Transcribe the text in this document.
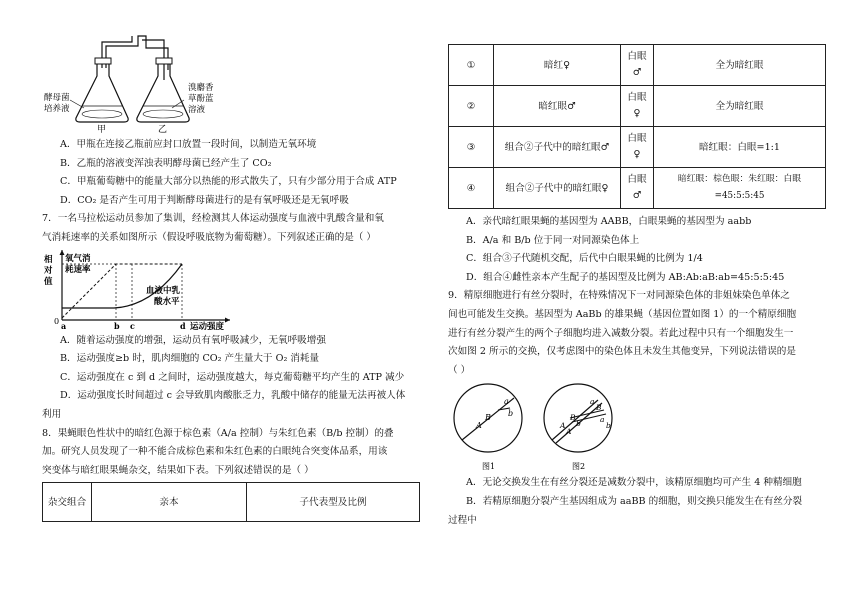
酵母菌
培养液
溴麝香
草酚蓝
溶液
甲	乙

A．甲瓶在连接乙瓶前应封口放置一段时间，以制造无氧环境

B．乙瓶的溶液变浑浊表明酵母菌已经产生了 CO₂

C．甲瓶葡萄糖中的能量大部分以热能的形式散失了，只有少部分用于合成 ATP

D．CO₂ 是否产生可用于判断酵母菌进行的是有氧呼吸还是无氧呼吸

7．一名马拉松运动员参加了集训，经检测其人体运动强度与血液中乳酸含量和氧

气消耗速率的关系如图所示（假设呼吸底物为葡萄糖）。下列叙述正确的是（ ）

相
对
值
氧气消
耗速率
血液中乳
酸水平
0 a	b c	d 运动强度

A．随着运动强度的增强，运动员有氧呼吸减少，无氧呼吸增强

B．运动强度≥b 时，肌肉细胞的 CO₂ 产生量大于 O₂ 消耗量

C．运动强度在 c 到 d 之间时，运动强度越大，每克葡萄糖平均产生的 ATP 减少

D．运动强度长时间超过 c 会导致肌肉酸胀乏力，乳酸中储存的能量无法再被人体

利用

8．果蝇眼色性状中的暗红色源于棕色素（A/a 控制）与朱红色素（B/b 控制）的叠

加。研究人员发现了一种不能合成棕色素和朱红色素的白眼纯合突变体品系，用该

突变体与暗红眼果蝇杂交，结果如下表。下列叙述错误的是（ ）

杂交组合	亲本	子代表型及比例
①	暗红♀	白眼♂	全为暗红眼
②	暗红眼♂	白眼♀	全为暗红眼
③	组合②子代中的暗红眼♂	白眼♀	暗红眼：白眼=1:1
④	组合②子代中的暗红眼♀	白眼♂	暗红眼：棕色眼：朱红眼：白眼=45:5:5:45

A．亲代暗红眼果蝇的基因型为 AABB，白眼果蝇的基因型为 aabb

B．A/a 和 B/b 位于同一对同源染色体上

C．组合③子代随机交配，后代中白眼果蝇的比例为 1/4

D．组合④雌性亲本产生配子的基因型及比例为 AB:Ab:aB:ab=45:5:5:45

9．精原细胞进行有丝分裂时，在特殊情况下一对同源染色体的非姐妹染色单体之

间也可能发生交换。基因型为 AaBb 的雄果蝇（基因位置如图 1）的一个精原细胞

进行有丝分裂产生的两个子细胞均进入减数分裂。若此过程中只有一个细胞发生一

次如图 2 所示的交换，仅考虑图中的染色体且未发生其他变异，下列说法错误的是

（ ）

A
B
a
b
图1
A
B
A
b
a
B
a
b
图2

A．无论交换发生在有丝分裂还是减数分裂中，该精原细胞均可产生 4 种精细胞

B．若精原细胞分裂产生基因组成为 aaBB 的细胞，则交换只能发生在有丝分裂

过程中
